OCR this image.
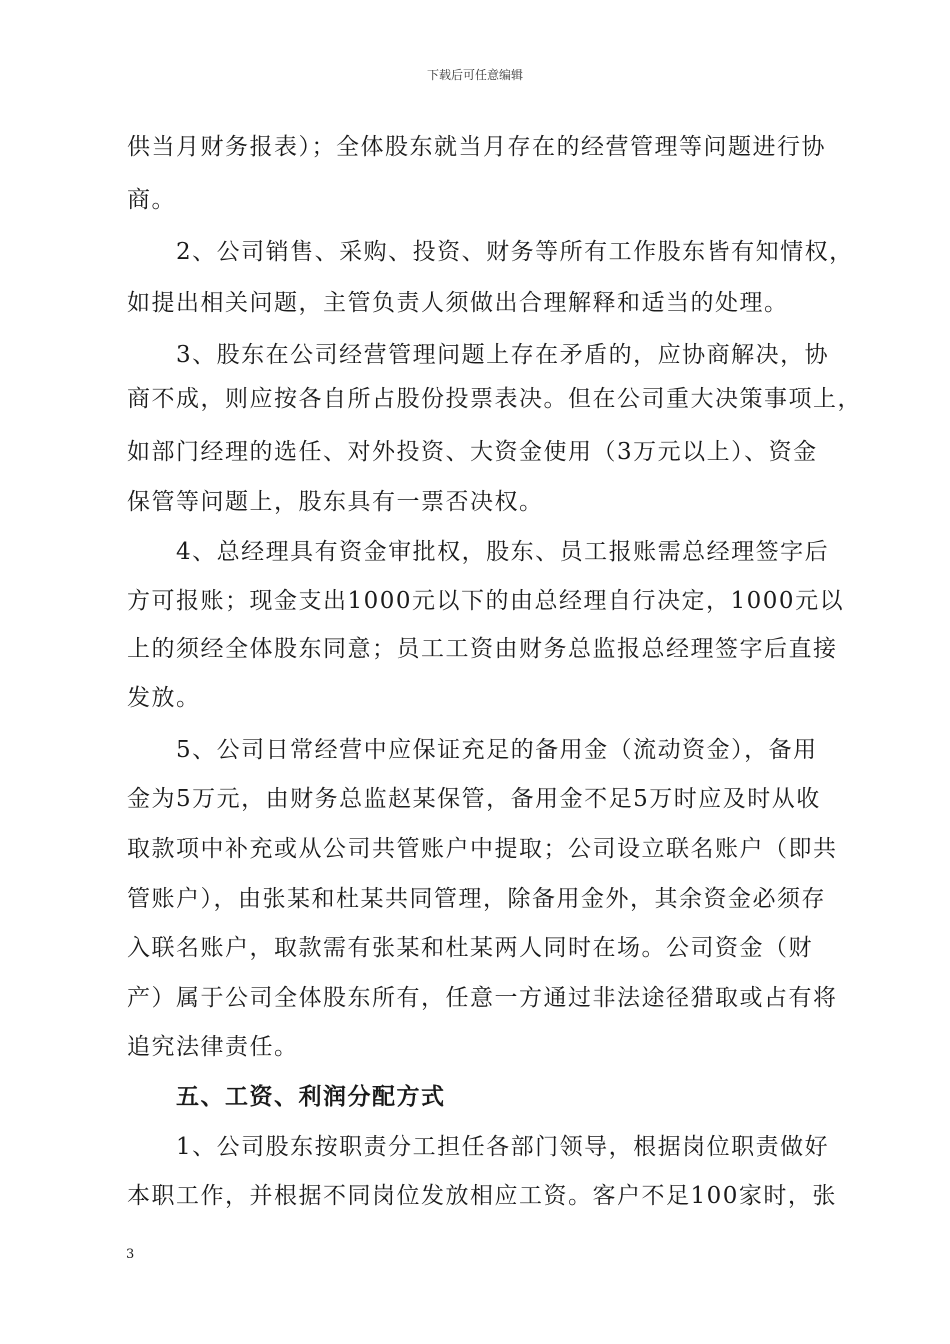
下载后可任意编辑
供当月财务报表）；全体股东就当月存在的经营管理等问题进行协
商。
2、公司销售、采购、投资、财务等所有工作股东皆有知情权，
如提出相关问题，主管负责人须做出合理解释和适当的处理。
3、股东在公司经营管理问题上存在矛盾的，应协商解决，协
商不成，则应按各自所占股份投票表决。但在公司重大决策事项上，
如部门经理的选任、对外投资、大资金使用（3万元以上）、资金
保管等问题上，股东具有一票否决权。
4、总经理具有资金审批权，股东、员工报账需总经理签字后
方可报账；现金支出1000元以下的由总经理自行决定，1000元以
上的须经全体股东同意；员工工资由财务总监报总经理签字后直接
发放。
5、公司日常经营中应保证充足的备用金（流动资金），备用
金为5万元，由财务总监赵某保管，备用金不足5万时应及时从收
取款项中补充或从公司共管账户中提取；公司设立联名账户（即共
管账户），由张某和杜某共同管理，除备用金外，其余资金必须存
入联名账户，取款需有张某和杜某两人同时在场。公司资金（财
产）属于公司全体股东所有，任意一方通过非法途径猎取或占有将
追究法律责任。
五、工资、利润分配方式
1、公司股东按职责分工担任各部门领导，根据岗位职责做好
本职工作，并根据不同岗位发放相应工资。客户不足100家时，张
3
